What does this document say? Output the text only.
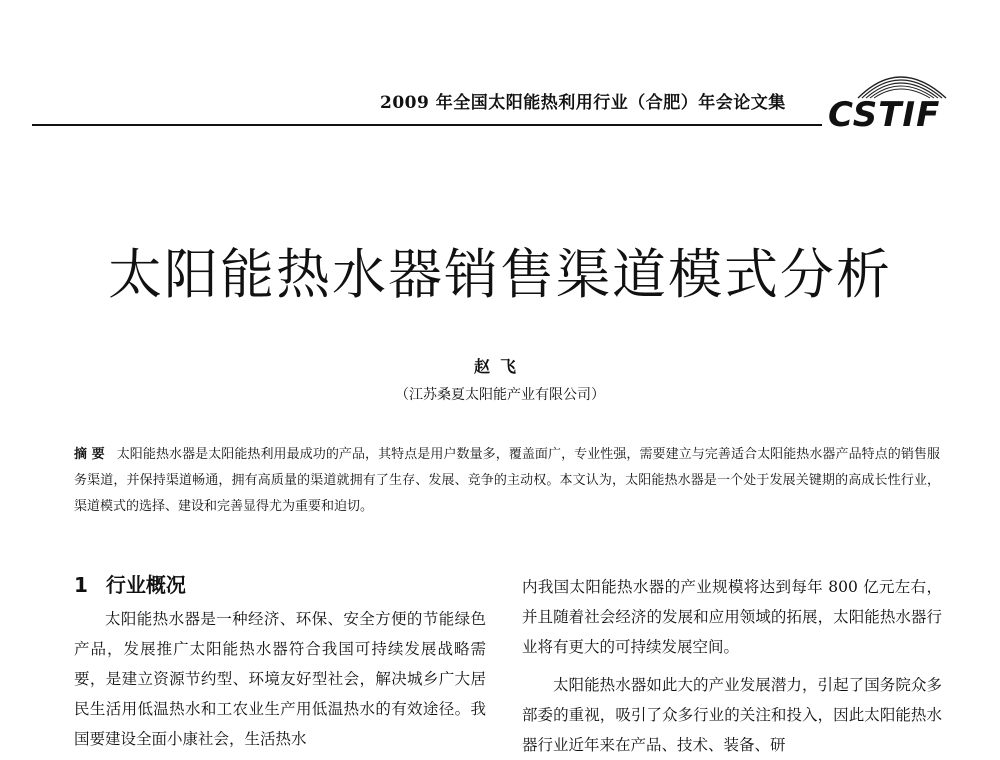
2009 年全国太阳能热利用行业（合肥）年会论文集 CSTIF
太阳能热水器销售渠道模式分析
赵飞
（江苏桑夏太阳能产业有限公司）

摘 要 太阳能热水器是太阳能热利用最成功的产品，其特点是用户数量多，覆盖面广，专业性强，需要建立与完善适合太阳能热水器产品特点的销售服务渠道，并保持渠道畅通，拥有高质量的渠道就拥有了生存、发展、竞争的主动权。本文认为，太阳能热水器是一个处于发展关键期的高成长性行业，渠道模式的选择、建设和完善显得尤为重要和迫切。

1 行业概况

太阳能热水器是一种经济、环保、安全方便的节能绿色产品，发展推广太阳能热水器符合我国可持续发展战略需要，是建立资源节约型、环境友好型社会，解决城乡广大居民生活用低温热水和工农业生产用低温热水的有效途径。我国要建设全面小康社会，生活热水

内我国太阳能热水器的产业规模将达到每年 800 亿元左右，并且随着社会经济的发展和应用领域的拓展，太阳能热水器行业将有更大的可持续发展空间。

太阳能热水器如此大的产业发展潜力，引起了国务院众多部委的重视，吸引了众多行业的关注和投入，因此太阳能热水器行业近年来在产品、技术、装备、研
